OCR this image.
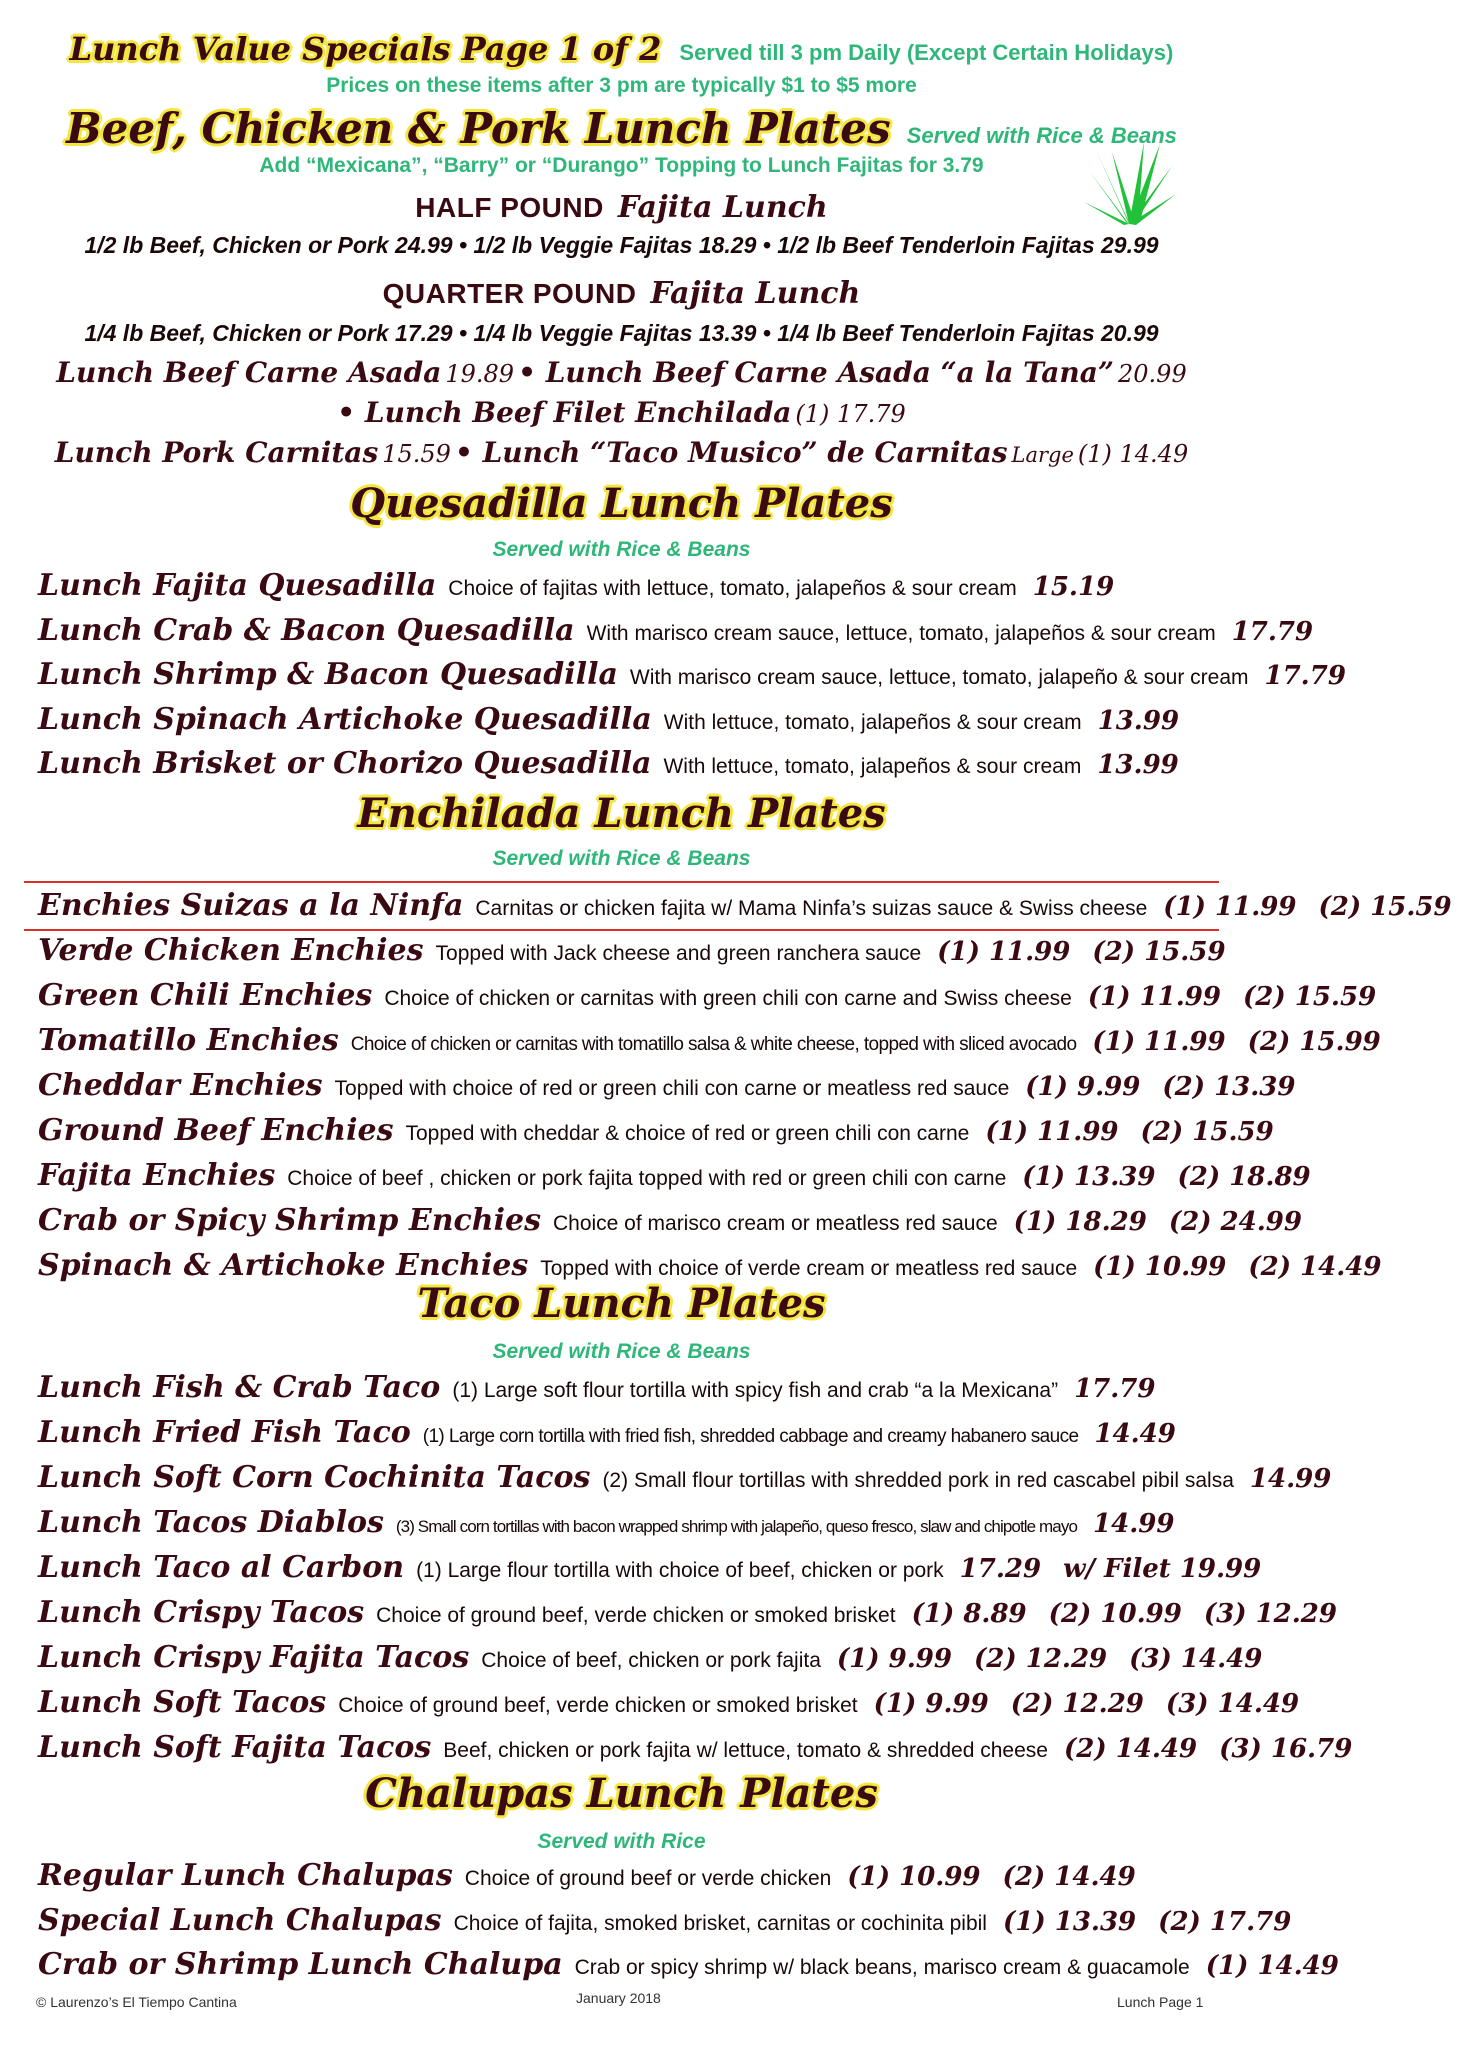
Lunch Value Specials Page 1 of 2 Served till 3 pm Daily (Except Certain Holidays)
Prices on these items after 3 pm are typically $1 to $5 more
Beef, Chicken & Pork Lunch Plates Served with Rice & Beans
Add “Mexicana”, “Barry” or “Durango” Topping to Lunch Fajitas for 3.79
HALF POUND Fajita Lunch
1/2 lb Beef, Chicken or Pork 24.99 • 1/2 lb Veggie Fajitas 18.29 • 1/2 lb Beef Tenderloin Fajitas 29.99
QUARTER POUND Fajita Lunch
1/4 lb Beef, Chicken or Pork 17.29 • 1/4 lb Veggie Fajitas 13.39 • 1/4 lb Beef Tenderloin Fajitas 20.99
Lunch Beef Carne Asada 19.89 • Lunch Beef Carne Asada “a la Tana” 20.99
• Lunch Beef Filet Enchilada (1) 17.79
Lunch Pork Carnitas 15.59 • Lunch “Taco Musico” de Carnitas Large (1) 14.49
Quesadilla Lunch Plates
Served with Rice & Beans
Lunch Fajita Quesadilla Choice of fajitas with lettuce, tomato, jalapeños & sour cream 15.19
Lunch Crab & Bacon Quesadilla With marisco cream sauce, lettuce, tomato, jalapeños & sour cream 17.79
Lunch Shrimp & Bacon Quesadilla With marisco cream sauce, lettuce, tomato, jalapeño & sour cream 17.79
Lunch Spinach Artichoke Quesadilla With lettuce, tomato, jalapeños & sour cream 13.99
Lunch Brisket or Chorizo Quesadilla With lettuce, tomato, jalapeños & sour cream 13.99
Enchilada Lunch Plates
Served with Rice & Beans
Enchies Suizas a la Ninfa Carnitas or chicken fajita w/ Mama Ninfa’s suizas sauce & Swiss cheese (1) 11.99 (2) 15.59
Verde Chicken Enchies Topped with Jack cheese and green ranchera sauce (1) 11.99 (2) 15.59
Green Chili Enchies Choice of chicken or carnitas with green chili con carne and Swiss cheese (1) 11.99 (2) 15.59
Tomatillo Enchies Choice of chicken or carnitas with tomatillo salsa & white cheese, topped with sliced avocado (1) 11.99 (2) 15.99
Cheddar Enchies Topped with choice of red or green chili con carne or meatless red sauce (1) 9.99 (2) 13.39
Ground Beef Enchies Topped with cheddar & choice of red or green chili con carne (1) 11.99 (2) 15.59
Fajita Enchies Choice of beef , chicken or pork fajita topped with red or green chili con carne (1) 13.39 (2) 18.89
Crab or Spicy Shrimp Enchies Choice of marisco cream or meatless red sauce (1) 18.29 (2) 24.99
Spinach & Artichoke Enchies Topped with choice of verde cream or meatless red sauce (1) 10.99 (2) 14.49
Taco Lunch Plates
Served with Rice & Beans
Lunch Fish & Crab Taco (1) Large soft flour tortilla with spicy fish and crab “a la Mexicana” 17.79
Lunch Fried Fish Taco (1) Large corn tortilla with fried fish, shredded cabbage and creamy habanero sauce 14.49
Lunch Soft Corn Cochinita Tacos (2) Small flour tortillas with shredded pork in red cascabel pibil salsa 14.99
Lunch Tacos Diablos (3) Small corn tortillas with bacon wrapped shrimp with jalapeño, queso fresco, slaw and chipotle mayo 14.99
Lunch Taco al Carbon (1) Large flour tortilla with choice of beef, chicken or pork 17.29 w/ Filet 19.99
Lunch Crispy Tacos Choice of ground beef, verde chicken or smoked brisket (1) 8.89 (2) 10.99 (3) 12.29
Lunch Crispy Fajita Tacos Choice of beef, chicken or pork fajita (1) 9.99 (2) 12.29 (3) 14.49
Lunch Soft Tacos Choice of ground beef, verde chicken or smoked brisket (1) 9.99 (2) 12.29 (3) 14.49
Lunch Soft Fajita Tacos Beef, chicken or pork fajita w/ lettuce, tomato & shredded cheese (2) 14.49 (3) 16.79
Chalupas Lunch Plates
Served with Rice
Regular Lunch Chalupas Choice of ground beef or verde chicken (1) 10.99 (2) 14.49
Special Lunch Chalupas Choice of fajita, smoked brisket, carnitas or cochinita pibil (1) 13.39 (2) 17.79
Crab or Shrimp Lunch Chalupa Crab or spicy shrimp w/ black beans, marisco cream & guacamole (1) 14.49
© Laurenzo’s El Tiempo Cantina	January 2018	Lunch Page 1
